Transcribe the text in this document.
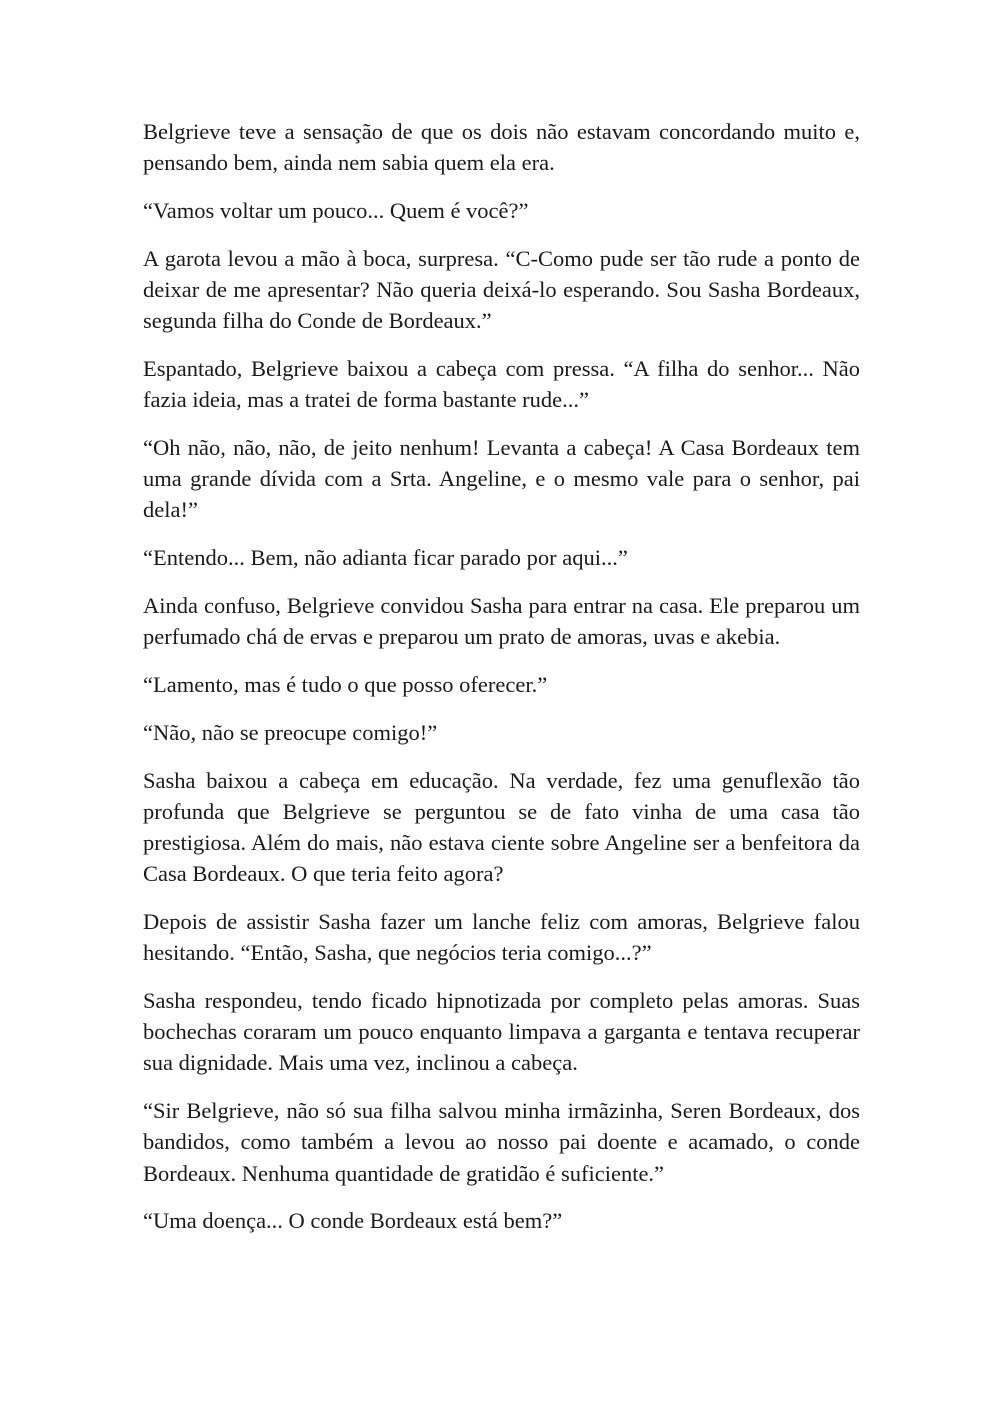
Belgrieve teve a sensação de que os dois não estavam concordando muito e, pensando bem, ainda nem sabia quem ela era.

“Vamos voltar um pouco... Quem é você?”

A garota levou a mão à boca, surpresa. “C-Como pude ser tão rude a ponto de deixar de me apresentar? Não queria deixá-lo esperando. Sou Sasha Bordeaux, segunda filha do Conde de Bordeaux.”

Espantado, Belgrieve baixou a cabeça com pressa. “A filha do senhor... Não fazia ideia, mas a tratei de forma bastante rude...”

“Oh não, não, não, de jeito nenhum! Levanta a cabeça! A Casa Bordeaux tem uma grande dívida com a Srta. Angeline, e o mesmo vale para o senhor, pai dela!”

“Entendo... Bem, não adianta ficar parado por aqui...”

Ainda confuso, Belgrieve convidou Sasha para entrar na casa. Ele preparou um perfumado chá de ervas e preparou um prato de amoras, uvas e akebia.

“Lamento, mas é tudo o que posso oferecer.”

“Não, não se preocupe comigo!”

Sasha baixou a cabeça em educação. Na verdade, fez uma genuflexão tão profunda que Belgrieve se perguntou se de fato vinha de uma casa tão prestigiosa. Além do mais, não estava ciente sobre Angeline ser a benfeitora da Casa Bordeaux. O que teria feito agora?

Depois de assistir Sasha fazer um lanche feliz com amoras, Belgrieve falou hesitando. “Então, Sasha, que negócios teria comigo...?”

Sasha respondeu, tendo ficado hipnotizada por completo pelas amoras. Suas bochechas coraram um pouco enquanto limpava a garganta e tentava recuperar sua dignidade. Mais uma vez, inclinou a cabeça.

“Sir Belgrieve, não só sua filha salvou minha irmãzinha, Seren Bordeaux, dos bandidos, como também a levou ao nosso pai doente e acamado, o conde Bordeaux. Nenhuma quantidade de gratidão é suficiente.”

“Uma doença... O conde Bordeaux está bem?”
